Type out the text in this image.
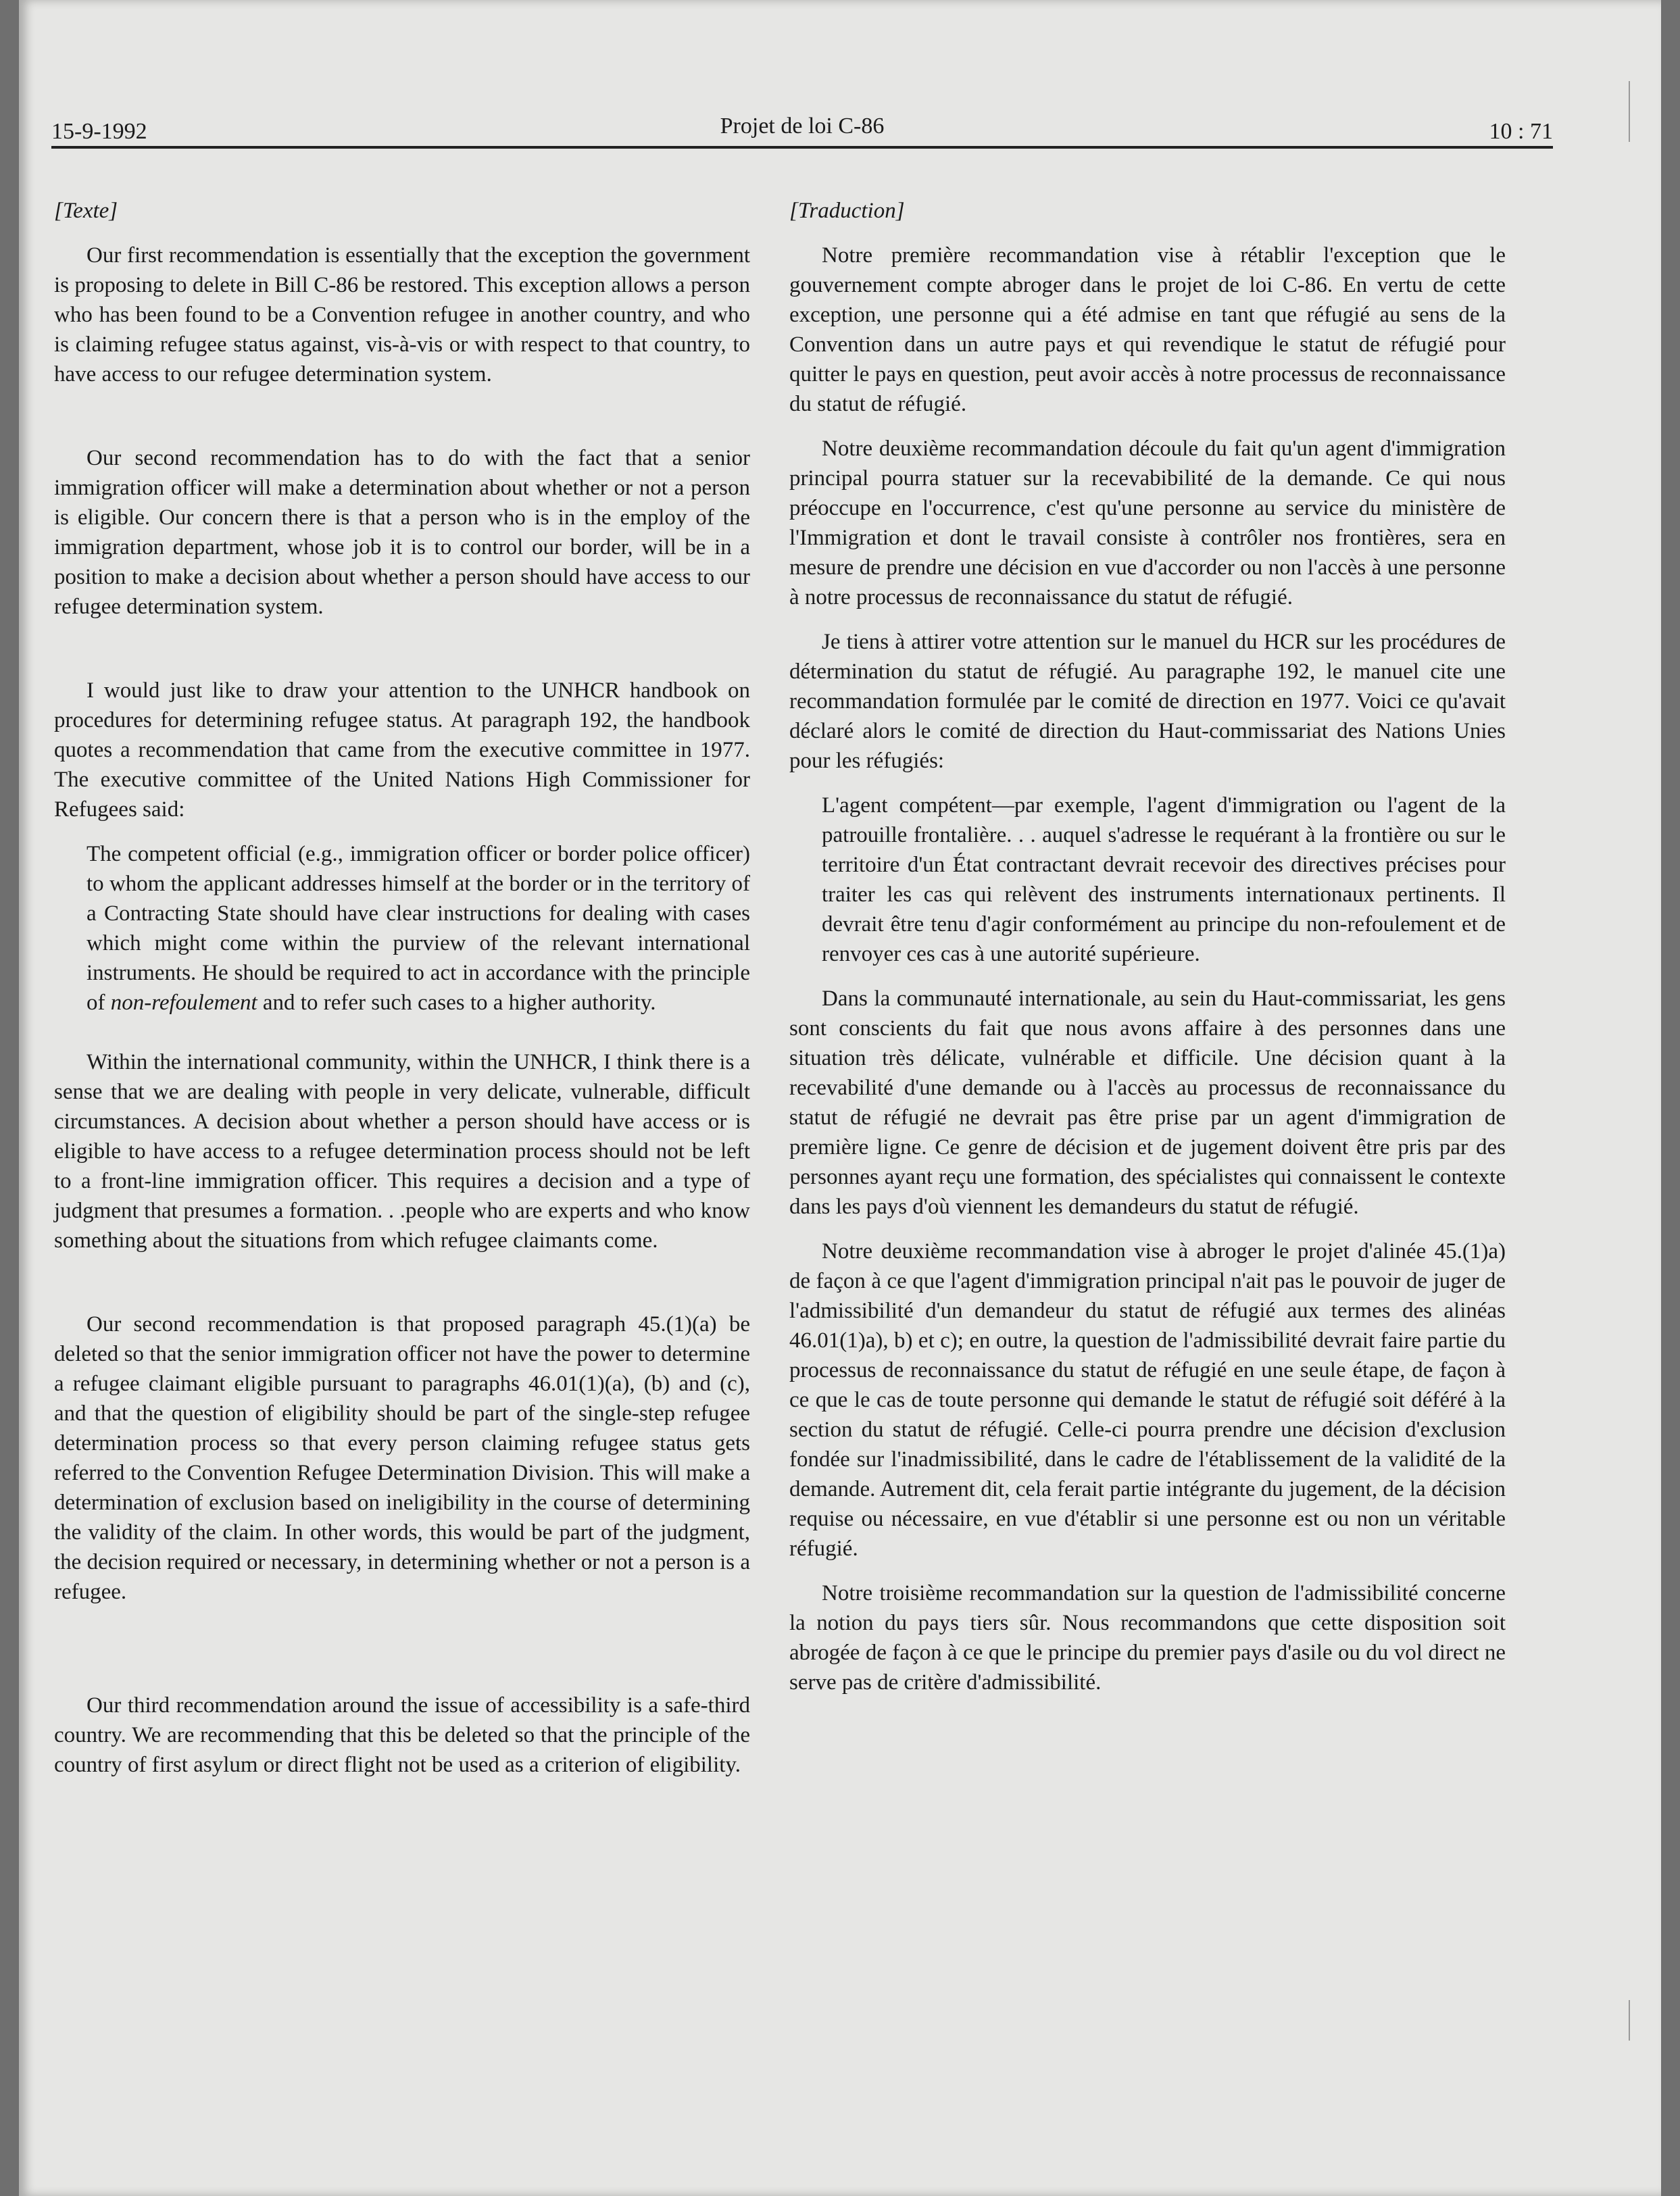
15-9-1992	Projet de loi C-86	10 : 71

[Texte]

Our first recommendation is essentially that the exception the government is proposing to delete in Bill C-86 be restored. This exception allows a person who has been found to be a Convention refugee in another country, and who is claiming refugee status against, vis-à-vis or with respect to that country, to have access to our refugee determination system.

Our second recommendation has to do with the fact that a senior immigration officer will make a determination about whether or not a person is eligible. Our concern there is that a person who is in the employ of the immigration department, whose job it is to control our border, will be in a position to make a decision about whether a person should have access to our refugee determination system.

I would just like to draw your attention to the UNHCR handbook on procedures for determining refugee status. At paragraph 192, the handbook quotes a recommendation that came from the executive committee in 1977. The executive committee of the United Nations High Commissioner for Refugees said:

The competent official (e.g., immigration officer or border police officer) to whom the applicant addresses himself at the border or in the territory of a Contracting State should have clear instructions for dealing with cases which might come within the purview of the relevant international instruments. He should be required to act in accordance with the principle of non-refoulement and to refer such cases to a higher authority.

Within the international community, within the UNHCR, I think there is a sense that we are dealing with people in very delicate, vulnerable, difficult circumstances. A decision about whether a person should have access or is eligible to have access to a refugee determination process should not be left to a front-line immigration officer. This requires a decision and a type of judgment that presumes a formation. . .people who are experts and who know something about the situations from which refugee claimants come.

Our second recommendation is that proposed paragraph 45.(1)(a) be deleted so that the senior immigration officer not have the power to determine a refugee claimant eligible pursuant to paragraphs 46.01(1)(a), (b) and (c), and that the question of eligibility should be part of the single-step refugee determination process so that every person claiming refugee status gets referred to the Convention Refugee Determination Division. This will make a determination of exclusion based on ineligibility in the course of determining the validity of the claim. In other words, this would be part of the judgment, the decision required or necessary, in determining whether or not a person is a refugee.

Our third recommendation around the issue of accessibility is a safe-third country. We are recommending that this be deleted so that the principle of the country of first asylum or direct flight not be used as a criterion of eligibility.

[Traduction]

Notre première recommandation vise à rétablir l'exception que le gouvernement compte abroger dans le projet de loi C-86. En vertu de cette exception, une personne qui a été admise en tant que réfugié au sens de la Convention dans un autre pays et qui revendique le statut de réfugié pour quitter le pays en question, peut avoir accès à notre processus de reconnaissance du statut de réfugié.

Notre deuxième recommandation découle du fait qu'un agent d'immigration principal pourra statuer sur la recevabibilité de la demande. Ce qui nous préoccupe en l'occurrence, c'est qu'une personne au service du ministère de l'Immigration et dont le travail consiste à contrôler nos frontières, sera en mesure de prendre une décision en vue d'accorder ou non l'accès à une personne à notre processus de reconnaissance du statut de réfugié.

Je tiens à attirer votre attention sur le manuel du HCR sur les procédures de détermination du statut de réfugié. Au paragraphe 192, le manuel cite une recommandation formulée par le comité de direction en 1977. Voici ce qu'avait déclaré alors le comité de direction du Haut-commissariat des Nations Unies pour les réfugiés:

L'agent compétent—par exemple, l'agent d'immigration ou l'agent de la patrouille frontalière. . . auquel s'adresse le requérant à la frontière ou sur le territoire d'un État contractant devrait recevoir des directives précises pour traiter les cas qui relèvent des instruments internationaux pertinents. Il devrait être tenu d'agir conformément au principe du non-refoulement et de renvoyer ces cas à une autorité supérieure.

Dans la communauté internationale, au sein du Haut-commissariat, les gens sont conscients du fait que nous avons affaire à des personnes dans une situation très délicate, vulnérable et difficile. Une décision quant à la recevabilité d'une demande ou à l'accès au processus de reconnaissance du statut de réfugié ne devrait pas être prise par un agent d'immigration de première ligne. Ce genre de décision et de jugement doivent être pris par des personnes ayant reçu une formation, des spécialistes qui connaissent le contexte dans les pays d'où viennent les demandeurs du statut de réfugié.

Notre deuxième recommandation vise à abroger le projet d'alinée 45.(1)a) de façon à ce que l'agent d'immigration principal n'ait pas le pouvoir de juger de l'admissibilité d'un demandeur du statut de réfugié aux termes des alinéas 46.01(1)a), b) et c); en outre, la question de l'admissibilité devrait faire partie du processus de reconnaissance du statut de réfugié en une seule étape, de façon à ce que le cas de toute personne qui demande le statut de réfugié soit déféré à la section du statut de réfugié. Celle-ci pourra prendre une décision d'exclusion fondée sur l'inadmissibilité, dans le cadre de l'établissement de la validité de la demande. Autrement dit, cela ferait partie intégrante du jugement, de la décision requise ou nécessaire, en vue d'établir si une personne est ou non un véritable réfugié.

Notre troisième recommandation sur la question de l'admissibilité concerne la notion du pays tiers sûr. Nous recommandons que cette disposition soit abrogée de façon à ce que le principe du premier pays d'asile ou du vol direct ne serve pas de critère d'admissibilité.
